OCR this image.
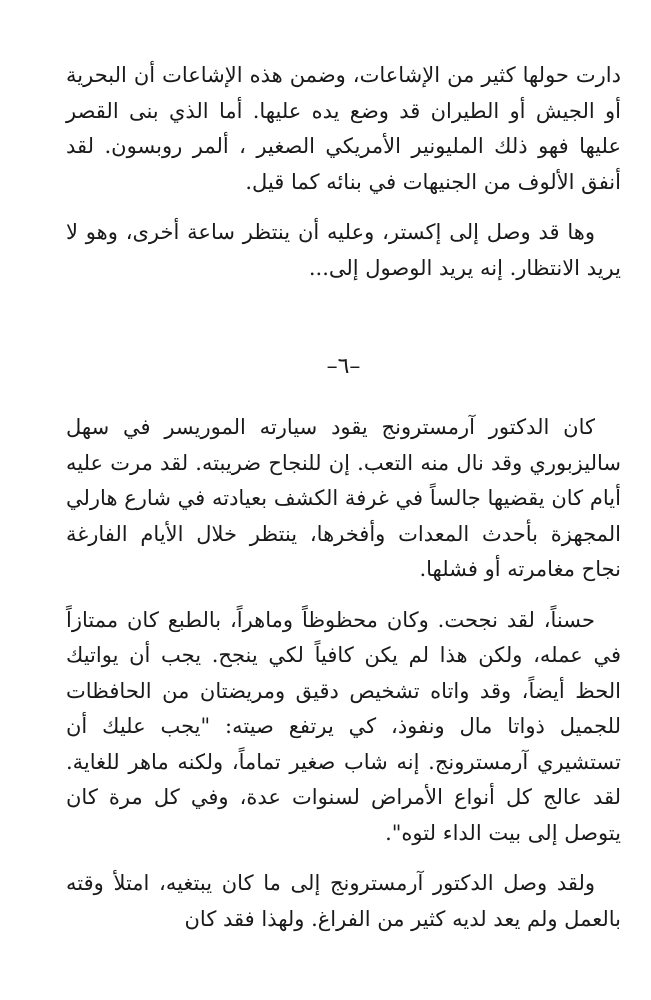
دارت حولها كثير من الإشاعات، وضمن هذه الإشاعات أن البحرية أو الجيش أو الطيران قد وضع يده عليها. أما الذي بنى القصر عليها فهو ذلك المليونير الأمريكي الصغير ، ألمر روبسون. لقد أنفق الألوف من الجنيهات في بنائه كما قيل.

وها قد وصل إلى إكستر، وعليه أن ينتظر ساعة أخرى، وهو لا يريد الانتظار. إنه يريد الوصول إلى...

–٦–

كان الدكتور آرمسترونج يقود سيارته الموريسر في سهل ساليزبوري وقد نال منه التعب. إن للنجاح ضريبته. لقد مرت عليه أيام كان يقضيها جالساً في غرفة الكشف بعيادته في شارع هارلي المجهزة بأحدث المعدات وأفخرها، ينتظر خلال الأيام الفارغة نجاح مغامرته أو فشلها.

حسناً، لقد نجحت. وكان محظوظاً وماهراً، بالطبع كان ممتازاً في عمله، ولكن هذا لم يكن كافياً لكي ينجح. يجب أن يواتيك الحظ أيضاً، وقد واتاه تشخيص دقيق ومريضتان من الحافظات للجميل ذواتا مال ونفوذ، كي يرتفع صيته: "يجب عليك أن تستشيري آرمسترونج. إنه شاب صغير تماماً، ولكنه ماهر للغاية. لقد عالج كل أنواع الأمراض لسنوات عدة، وفي كل مرة كان يتوصل إلى بيت الداء لتوه".

ولقد وصل الدكتور آرمسترونج إلى ما كان يبتغيه، امتلأ وقته بالعمل ولم يعد لديه كثير من الفراغ. ولهذا فقد كان
